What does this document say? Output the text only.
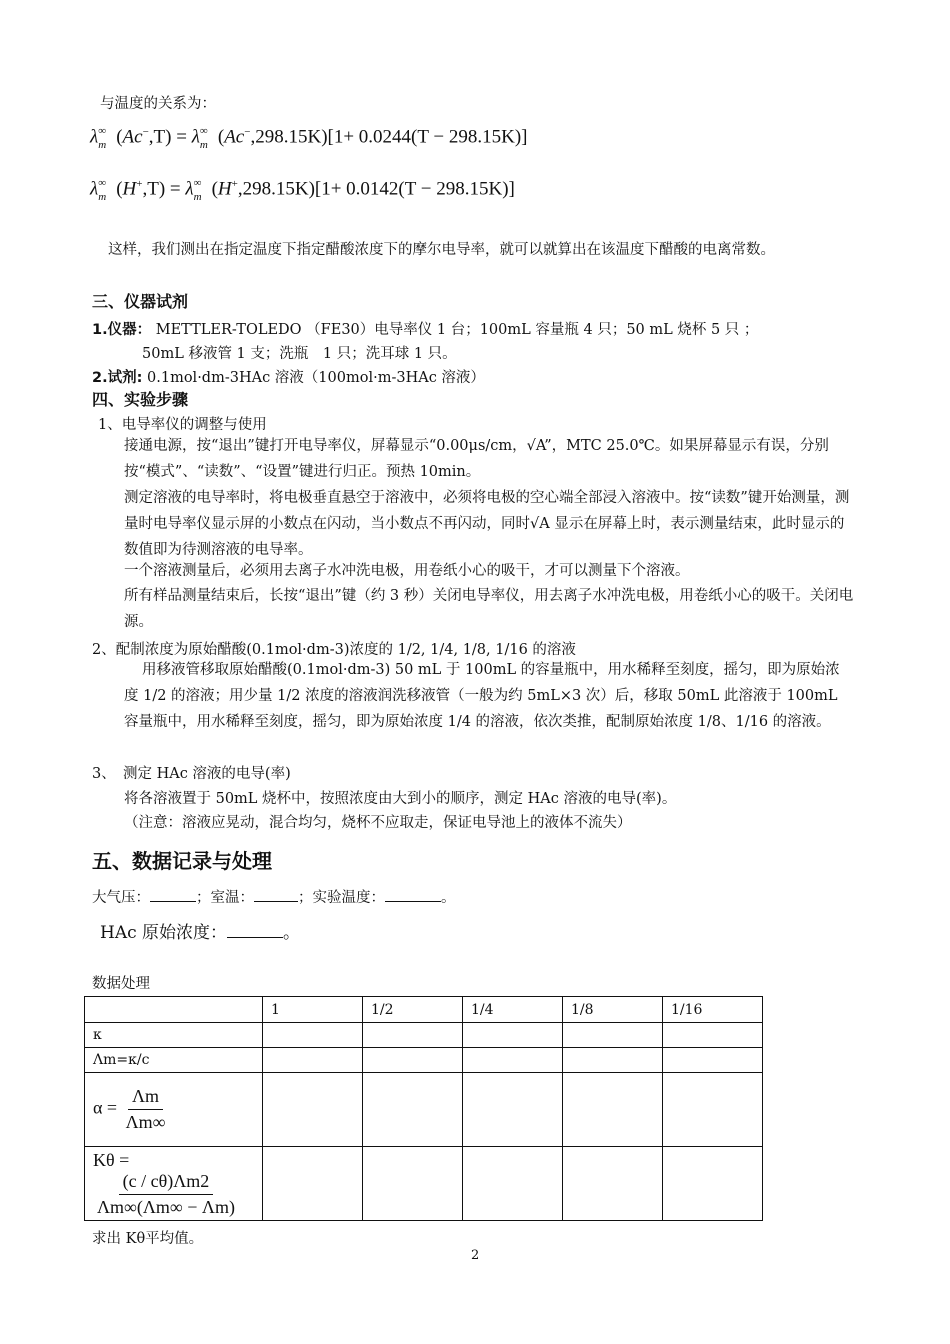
与温度的关系为：
$\lambda\infty_m$ $(Ac^-,T) = \lambda\infty_m$ (Ac−,298.15K)[1+ 0.0244(T − 298.15K)]
$\lambda\infty_m$ $(H^+,T) = \lambda\infty_m$ (H+,298.15K)[1+ 0.0142(T − 298.15K)]
这样，我们测出在指定温度下指定醋酸浓度下的摩尔电导率，就可以就算出在该温度下醋酸的电离常数。
三、仪器试剂
1.仪器： METTLER-TOLEDO （FE30）电导率仪 1 台；100mL 容量瓶 4 只；50 mL 烧杯 5 只 ；
50mL 移液管 1 支；洗瓶　1 只；洗耳球 1 只。
2.试剂: 0.1mol·dm-3HAc 溶液（100mol·m-3HAc 溶液）
四、实验步骤
1、电导率仪的调整与使用
接通电源，按“退出”键打开电导率仪，屏幕显示“0.00μs/cm，√A”，MTC 25.0℃。如果屏幕显示有误，分别按“模式”、“读数”、“设置”键进行归正。预热 10min。
测定溶液的电导率时，将电极垂直悬空于溶液中，必须将电极的空心端全部浸入溶液中。按“读数”键开始测量，测量时电导率仪显示屏的小数点在闪动，当小数点不再闪动，同时√A 显示在屏幕上时，表示测量结束，此时显示的数值即为待测溶液的电导率。
一个溶液测量后，必须用去离子水冲洗电极，用卷纸小心的吸干，才可以测量下个溶液。
所有样品测量结束后，长按“退出”键（约 3 秒）关闭电导率仪，用去离子水冲洗电极，用卷纸小心的吸干。关闭电源。
2、配制浓度为原始醋酸(0.1mol·dm-3)浓度的 1/2, 1/4, 1/8, 1/16 的溶液
用移液管移取原始醋酸(0.1mol·dm-3) 50 mL 于 100mL 的容量瓶中，用水稀释至刻度，摇匀，即为原始浓度 1/2 的溶液；用少量 1/2 浓度的溶液润洗移液管（一般为约 5mL×3 次）后，移取 50mL 此溶液于 100mL 容量瓶中，用水稀释至刻度，摇匀，即为原始浓度 1/4 的溶液，依次类推，配制原始浓度 1/8、1/16 的溶液。
3、　测定 HAc 溶液的电导(率)
将各溶液置于 50mL 烧杯中，按照浓度由大到小的顺序，测定 HAc 溶液的电导(率)。
（注意：溶液应晃动，混合均匀，烧杯不应取走，保证电导池上的液体不流失）
五、数据记录与处理
大气压：	；室温：	；实验温度：	。
HAc 原始浓度：	。
数据处理
	1	1/2	1/4	1/8	1/16
κ					
Λm=κ/c					
$\alpha = \frac{\Lambda m}{\Lambda m\infty}$

Kθ =
$\frac{(c / c\theta)\Lambda m2}{\Lambda m\infty(\Lambda m\infty - \Lambda m)}$

求出 Kθ平均值。
2
